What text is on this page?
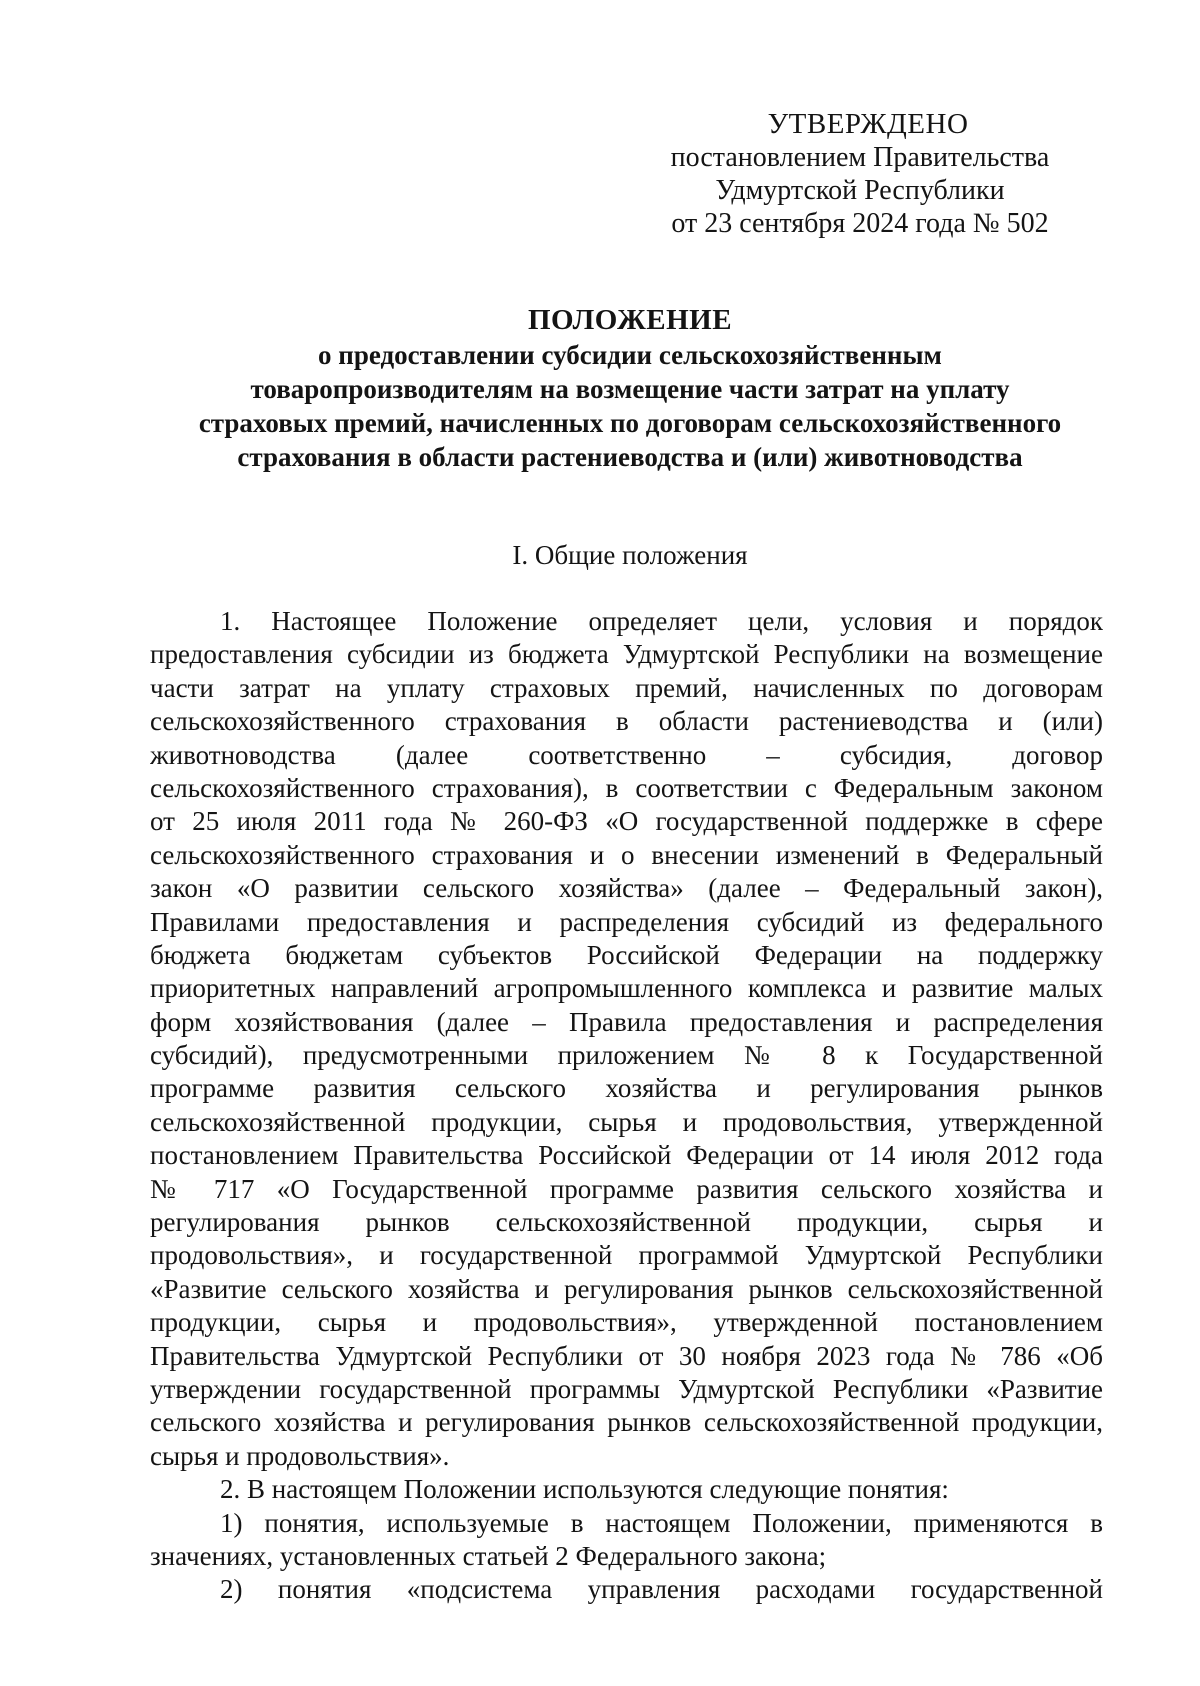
УТВЕРЖДЕНО
постановлением Правительства
Удмуртской Республики
от 23 сентября 2024 года № 502
ПОЛОЖЕНИЕ
о предоставлении субсидии сельскохозяйственным
товаропроизводителям на возмещение части затрат на уплату
страховых премий, начисленных по договорам сельскохозяйственного
страхования в области растениеводства и (или) животноводства
I. Общие положения
1. Настоящее Положение определяет цели, условия и порядок
предоставления субсидии из бюджета Удмуртской Республики на возмещение
части затрат на уплату страховых премий, начисленных по договорам
сельскохозяйственного страхования в области растениеводства и (или)
животноводства (далее соответственно – субсидия, договор
сельскохозяйственного страхования), в соответствии с Федеральным законом
от 25 июля 2011 года № 260-ФЗ «О государственной поддержке в сфере
сельскохозяйственного страхования и о внесении изменений в Федеральный
закон «О развитии сельского хозяйства» (далее – Федеральный закон),
Правилами предоставления и распределения субсидий из федерального
бюджета бюджетам субъектов Российской Федерации на поддержку
приоритетных направлений агропромышленного комплекса и развитие малых
форм хозяйствования (далее – Правила предоставления и распределения
субсидий), предусмотренными приложением № 8 к Государственной
программе развития сельского хозяйства и регулирования рынков
сельскохозяйственной продукции, сырья и продовольствия, утвержденной
постановлением Правительства Российской Федерации от 14 июля 2012 года
№ 717 «О Государственной программе развития сельского хозяйства и
регулирования рынков сельскохозяйственной продукции, сырья и
продовольствия», и государственной программой Удмуртской Республики
«Развитие сельского хозяйства и регулирования рынков сельскохозяйственной
продукции, сырья и продовольствия», утвержденной постановлением
Правительства Удмуртской Республики от 30 ноября 2023 года № 786 «Об
утверждении государственной программы Удмуртской Республики «Развитие
сельского хозяйства и регулирования рынков сельскохозяйственной продукции,
сырья и продовольствия».
2. В настоящем Положении используются следующие понятия:
1) понятия, используемые в настоящем Положении, применяются в
значениях, установленных статьей 2 Федерального закона;
2) понятия «подсистема управления расходами государственной
